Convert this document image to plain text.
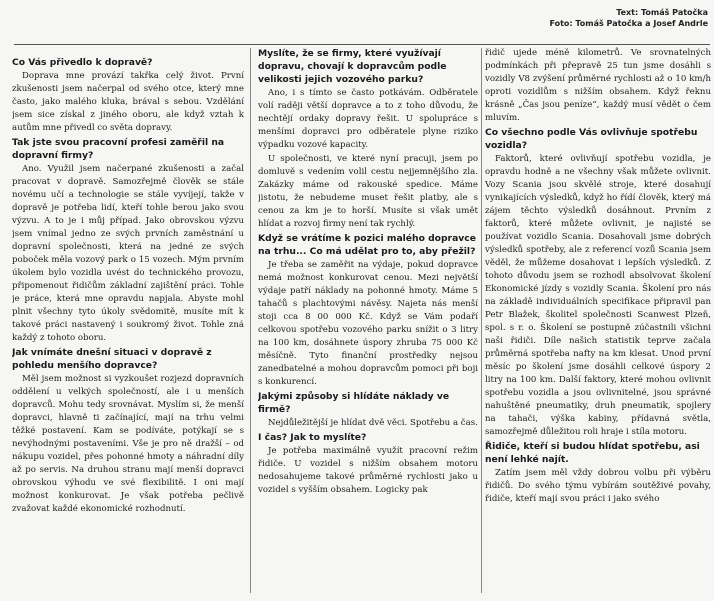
Text: Tomáš Patočka
Foto: Tomáš Patočka a Josef Andrle
Co Vás přivedlo k dopravě?

Doprava mne provází takřka celý život. První zkušenosti jsem načerpal od svého otce, který mne často, jako malého kluka, brával s sebou. Vzdělání jsem sice získal z jiného oboru, ale když vztah k autům mne přivedl co světa dopravy.

Tak jste svou pracovní profesi zaměřil na dopravní firmy?

Ano. Využil jsem načerpané zkušenosti a začal pracovat v dopravě. Samozřejmě člověk se stále novému učí a technologie se stále vyvíjejí, takže v dopravě je potřeba lidí, kteří tohle berou jako svou výzvu. A to je i můj případ. Jako obrovskou výzvu jsem vnímal jedno ze svých prvních zaměstnání u dopravní společnosti, která na jedné ze svých poboček měla vozový park o 15 vozech. Mým prvním úkolem bylo vozidla uvést do technického provozu, připomenout řidičům základní zajištění práci. Tohle je práce, která mne opravdu napjala. Abyste mohl plnit všechny tyto úkoly svědomitě, musíte mít k takové práci nastavený i soukromý život. Tohle zná každý z tohoto oboru.

Jak vnímáte dnešní situaci v dopravě z pohledu menšího dopravce?

Měl jsem možnost si vyzkoušet rozjezd dopravních oddělení u velkých společností, ale i u menších dopravců. Mohu tedy srovnávat. Myslím si, že menší dopravci, hlavně ti začínající, mají na trhu velmi těžké postavení. Kam se podíváte, potýkají se s nevýhodnými postaveními. Vše je pro ně dražší – od nákupu vozidel, přes pohonné hmoty a náhradní díly až po servis. Na druhou stranu mají menší dopravci obrovskou výhodu ve své flexibilitě. I oni mají možnost konkurovat. Je však potřeba pečlivě zvažovat každé ekonomické rozhodnutí.

Myslíte, že se firmy, které využívají dopravu, chovají k dopravcům podle velikosti jejich vozového parku?

Ano, i s tímto se často potkávám. Odběratele volí raději větší dopravce a to z toho důvodu, že nechtějí ordaky dopravy řešit. U spolupráce s menšími dopravci pro odběratele plyne riziko výpadku vozové kapacity.

U společnosti, ve které nyní pracuji, jsem po domluvě s vedením volil cestu nejjemnějšího zla. Zakázky máme od rakouské spedice. Máme jistotu, že nebudeme muset řešit platby, ale s cenou za km je to horší. Musíte si však umět hlídat a rozvoj firmy není tak rychlý.

Když se vrátíme k pozici malého dopravce na trhu... Co má udělat pro to, aby přežil?

Je třeba se zaměřit na výdaje, pokud dopravce nemá možnost konkurovat cenou. Mezi největší výdaje patří náklady na pohonné hmoty. Máme 5 tahačů s plachtovými návěsy. Najeta nás menší stoji cca 8 00 000 Kč. Když se Vám podaří celkovou spotřebu vozového parku snížit o 3 litry na 100 km, dosáhnete úspory zhruba 75 000 Kč měsíčně. Tyto finanční prostředky nejsou zanedbatelné a mohou dopravcům pomoci při boji s konkurencí.

Jakými způsoby si hlídáte náklady ve firmě?

Nejdůležitější je hlídat dvě věci. Spotřebu a čas.

I čas? Jak to myslíte?

Je potřeba maximálně využít pracovní režim řidiče. U vozidel s nižším obsahem motoru nedosahujeme takové průměrné rychlosti jako u vozidel s vyšším obsahem. Logicky pak

řidič ujede méně kilometrů. Ve srovnatelných podmínkách při přepravě 25 tun jsme dosáhli s vozidly V8 zvýšení průměrné rychlosti až o 10 km/h oproti vozidlům s nižším obsahem. Když řeknu krásně „Čas jsou peníze“, každý musí vědět o čem mluvím.

Co všechno podle Vás ovlivňuje spotřebu vozidla?

Faktorů, které ovlivňují spotřebu vozidla, je opravdu hodně a ne všechny však můžete ovlivnit. Vozy Scania jsou skvělé stroje, které dosahují vynikajících výsledků, když ho řídí člověk, který má zájem těchto výsledků dosáhnout. Prvním z faktorů, které můžete ovlivnit, je najisté se používat vozidlo Scania. Dosahovali jsme dobrých výsledků spotřeby, ale z referencí vozů Scania jsem věděl, že můžeme dosahovat i lepších výsledků. Z tohoto důvodu jsem se rozhodl absolvovat školení Ekonomické jízdy s vozidly Scania. Školení pro nás na základě individuálních specifikace připravil pan Petr Blažek, školitel společnosti Scanwest Plzeň, spol. s r. o. Školení se postupně zúčastnili všichni naši řidiči. Díle našich statistik teprve začala průměrná spotřeba nafty na km klesat. Unod první měsíc po školení jsme dosáhli celkové úspory 2 litry na 100 km. Další faktory, které mohou ovlivnit spotřebu vozidla a jsou ovlivnitelné, jsou správné nahuštěné pneumatiky, druh pneumatik, spojlery na tahači, výška kabiny, přídavná světla, samozřejmě důležitou roli hraje i stíla motoru.

Řidiče, kteří si budou hlídat spotřebu, asi není lehké najít.

Zatím jsem měl vždy dobrou volbu při výběru řidičů. Do svého týmu vybírám soutěživé povahy, řidiče, kteří mají svou práci i jako svého
